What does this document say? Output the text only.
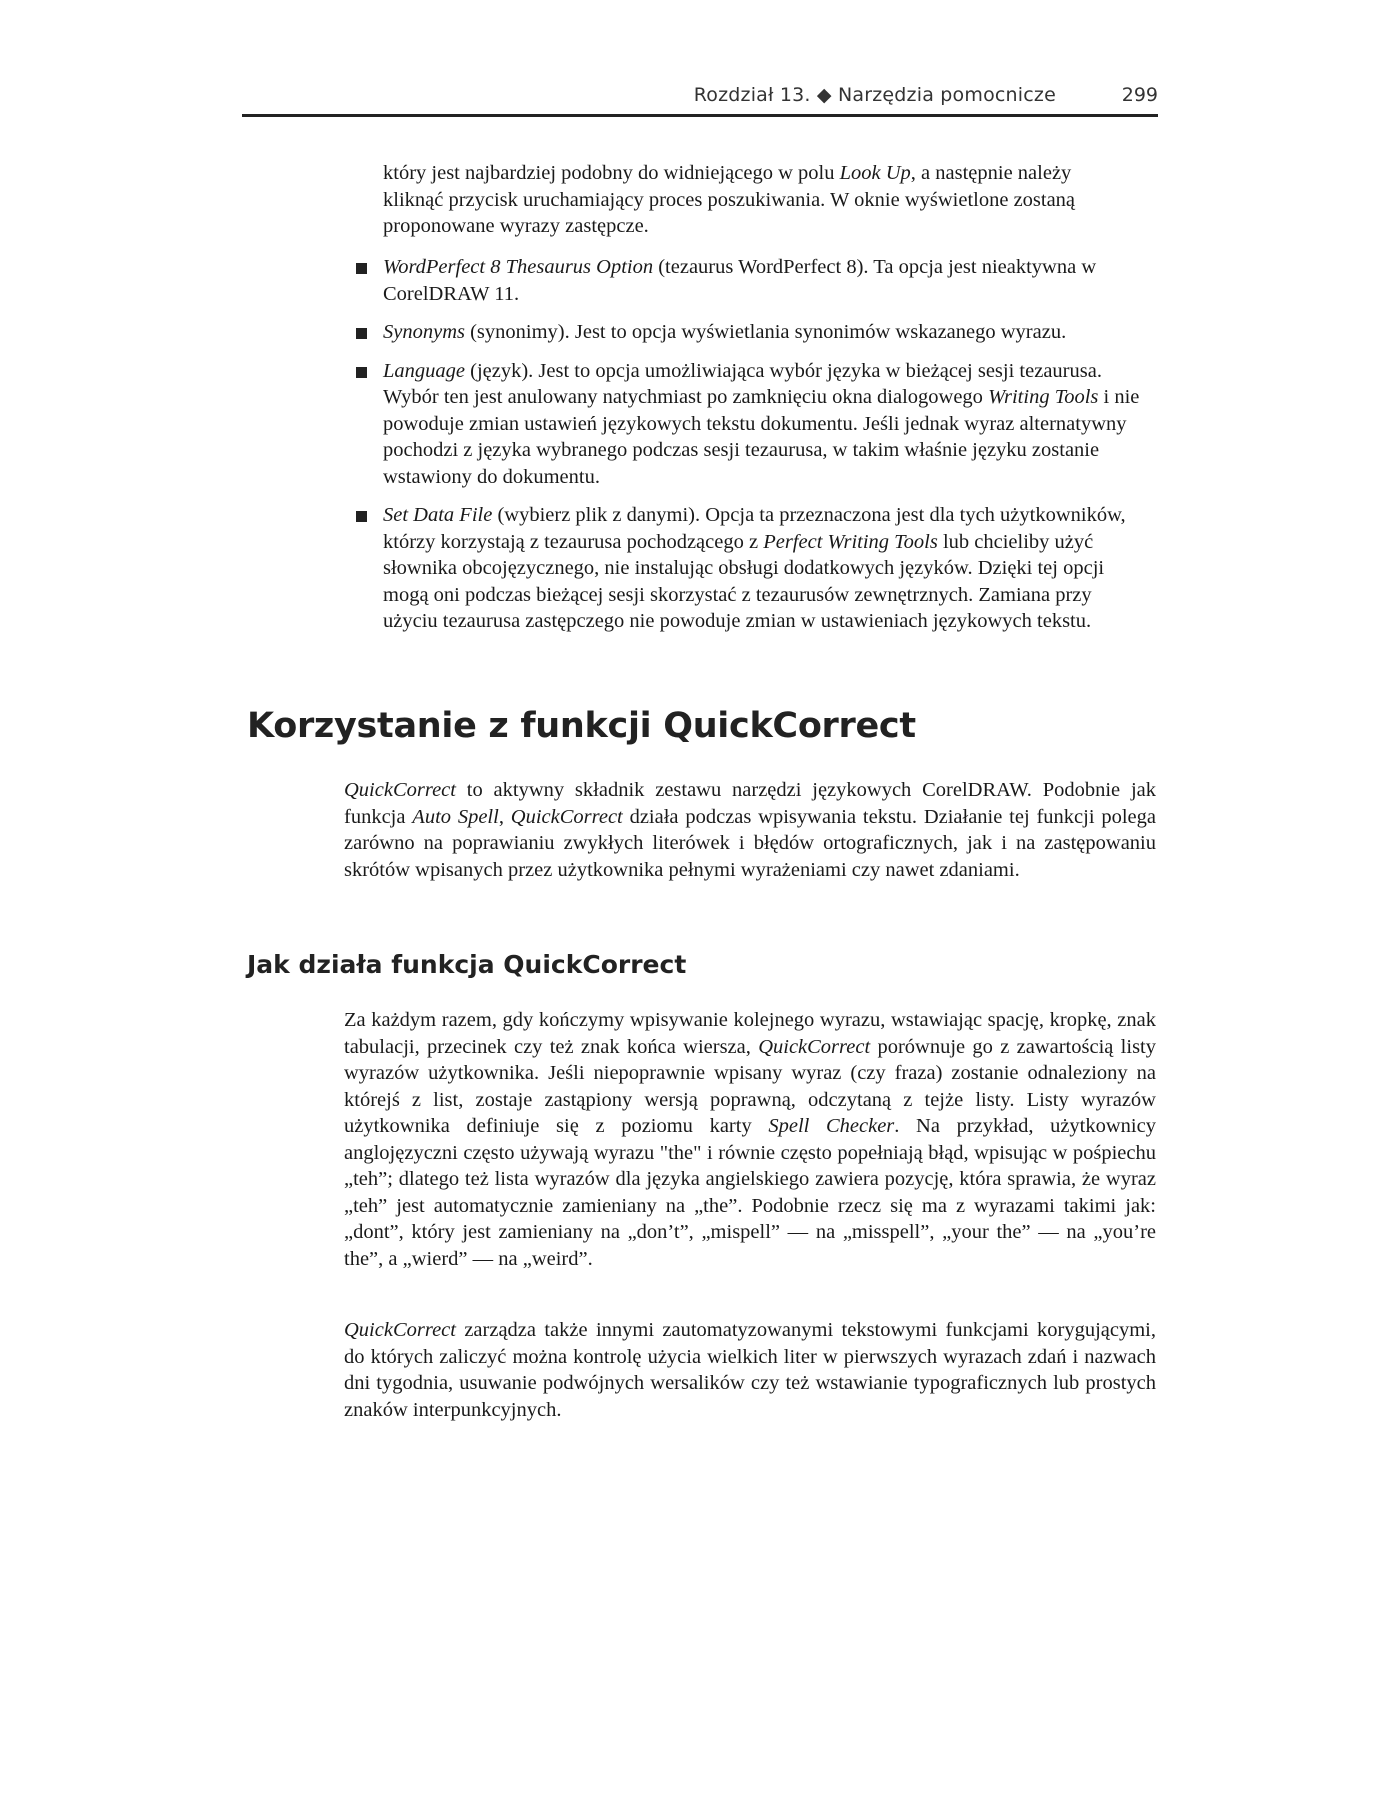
Rozdział 13. ◆ Narzędzia pomocnicze	299

który jest najbardziej podobny do widniejącego w polu Look Up, a następnie należy kliknąć przycisk uruchamiający proces poszukiwania. W oknie wyświetlone zostaną proponowane wyrazy zastępcze.

WordPerfect 8 Thesaurus Option (tezaurus WordPerfect 8). Ta opcja jest nieaktywna w CorelDRAW 11.
Synonyms (synonimy). Jest to opcja wyświetlania synonimów wskazanego wyrazu.
Language (język). Jest to opcja umożliwiająca wybór języka w bieżącej sesji tezaurusa. Wybór ten jest anulowany natychmiast po zamknięciu okna dialogowego Writing Tools i nie powoduje zmian ustawień językowych tekstu dokumentu. Jeśli jednak wyraz alternatywny pochodzi z języka wybranego podczas sesji tezaurusa, w takim właśnie języku zostanie wstawiony do dokumentu.
Set Data File (wybierz plik z danymi). Opcja ta przeznaczona jest dla tych użytkowników, którzy korzystają z tezaurusa pochodzącego z Perfect Writing Tools lub chcieliby użyć słownika obcojęzycznego, nie instalując obsługi dodatkowych języków. Dzięki tej opcji mogą oni podczas bieżącej sesji skorzystać z tezaurusów zewnętrznych. Zamiana przy użyciu tezaurusa zastępczego nie powoduje zmian w ustawieniach językowych tekstu.
Korzystanie z funkcji QuickCorrect

QuickCorrect to aktywny składnik zestawu narzędzi językowych CorelDRAW. Podobnie jak funkcja Auto Spell, QuickCorrect działa podczas wpisywania tekstu. Działanie tej funkcji polega zarówno na poprawianiu zwykłych literówek i błędów ortograficznych, jak i na zastępowaniu skrótów wpisanych przez użytkownika pełnymi wyrażeniami czy nawet zdaniami.

Jak działa funkcja QuickCorrect

Za każdym razem, gdy kończymy wpisywanie kolejnego wyrazu, wstawiając spację, kropkę, znak tabulacji, przecinek czy też znak końca wiersza, QuickCorrect porównuje go z zawartością listy wyrazów użytkownika. Jeśli niepoprawnie wpisany wyraz (czy fraza) zostanie odnaleziony na którejś z list, zostaje zastąpiony wersją poprawną, odczytaną z tejże listy. Listy wyrazów użytkownika definiuje się z poziomu karty Spell Checker. Na przykład, użytkownicy anglojęzyczni często używają wyrazu "the" i równie często popełniają błąd, wpisując w pośpiechu „teh”; dlatego też lista wyrazów dla języka angielskiego zawiera pozycję, która sprawia, że wyraz „teh” jest automatycznie zamieniany na „the”. Podobnie rzecz się ma z wyrazami takimi jak: „dont”, który jest zamieniany na „don’t”, „mispell” — na „misspell”, „your the” — na „you’re the”, a „wierd” — na „weird”.

QuickCorrect zarządza także innymi zautomatyzowanymi tekstowymi funkcjami korygującymi, do których zaliczyć można kontrolę użycia wielkich liter w pierwszych wyrazach zdań i nazwach dni tygodnia, usuwanie podwójnych wersalików czy też wstawianie typograficznych lub prostych znaków interpunkcyjnych.
